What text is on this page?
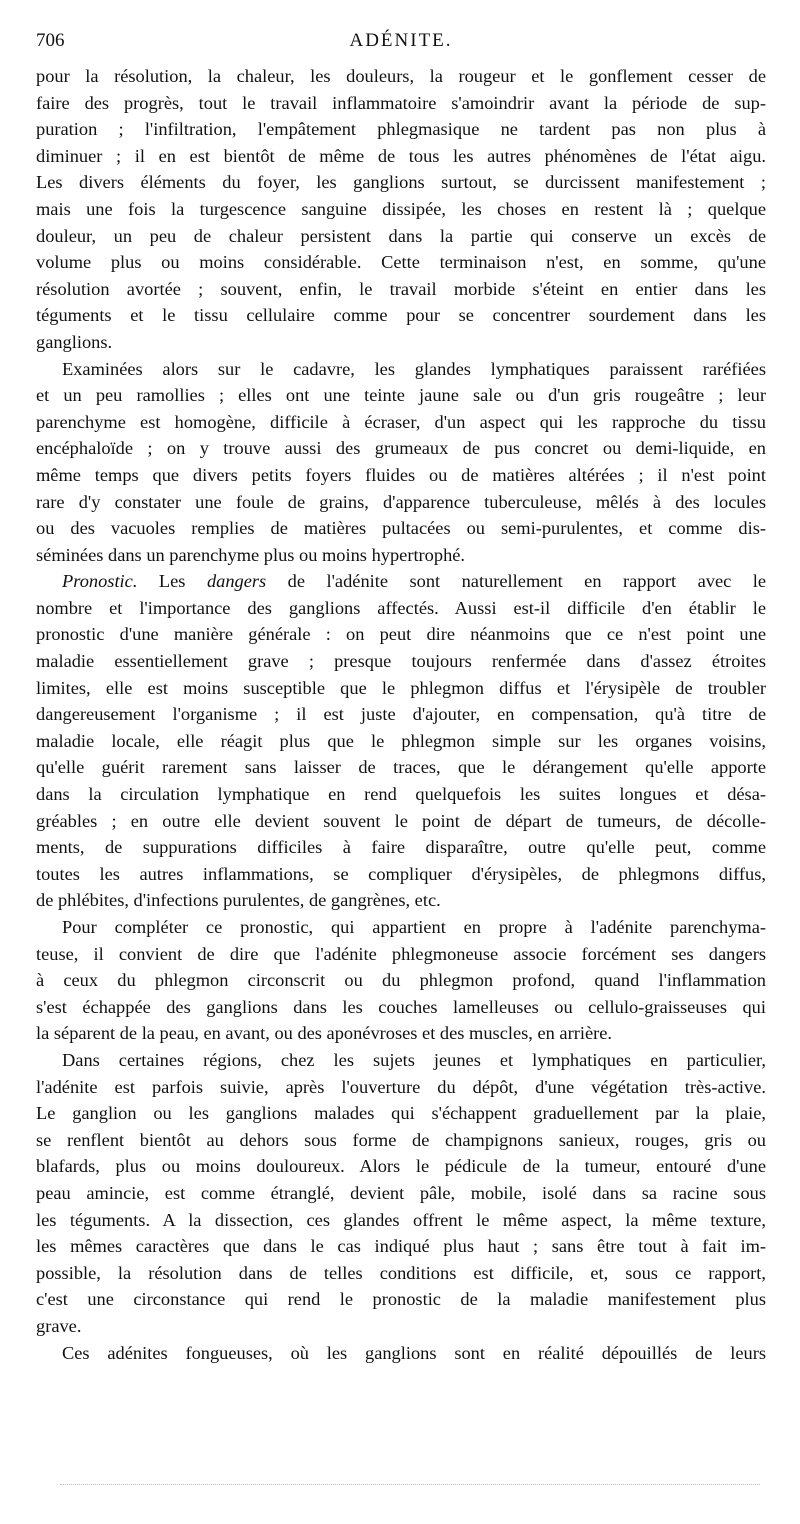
706	ADÉNITE.
pour la résolution, la chaleur, les douleurs, la rougeur et le gonflement cesser de
faire des progrès, tout le travail inflammatoire s'amoindrir avant la période de sup-
puration ; l'infiltration, l'empâtement phlegmasique ne tardent pas non plus à
diminuer ; il en est bientôt de même de tous les autres phénomènes de l'état aigu.
Les divers éléments du foyer, les ganglions surtout, se durcissent manifestement ;
mais une fois la turgescence sanguine dissipée, les choses en restent là ; quelque
douleur, un peu de chaleur persistent dans la partie qui conserve un excès de
volume plus ou moins considérable. Cette terminaison n'est, en somme, qu'une
résolution avortée ; souvent, enfin, le travail morbide s'éteint en entier dans les
téguments et le tissu cellulaire comme pour se concentrer sourdement dans les
ganglions.
Examinées alors sur le cadavre, les glandes lymphatiques paraissent raréfiées
et un peu ramollies ; elles ont une teinte jaune sale ou d'un gris rougeâtre ; leur
parenchyme est homogène, difficile à écraser, d'un aspect qui les rapproche du tissu
encéphaloïde ; on y trouve aussi des grumeaux de pus concret ou demi-liquide, en
même temps que divers petits foyers fluides ou de matières altérées ; il n'est point
rare d'y constater une foule de grains, d'apparence tuberculeuse, mêlés à des locules
ou des vacuoles remplies de matières pultacées ou semi-purulentes, et comme dis-
séminées dans un parenchyme plus ou moins hypertrophé.
Pronostic. Les dangers de l'adénite sont naturellement en rapport avec le
nombre et l'importance des ganglions affectés. Aussi est-il difficile d'en établir le
pronostic d'une manière générale : on peut dire néanmoins que ce n'est point une
maladie essentiellement grave ; presque toujours renfermée dans d'assez étroites
limites, elle est moins susceptible que le phlegmon diffus et l'érysipèle de troubler
dangereusement l'organisme ; il est juste d'ajouter, en compensation, qu'à titre de
maladie locale, elle réagit plus que le phlegmon simple sur les organes voisins,
qu'elle guérit rarement sans laisser de traces, que le dérangement qu'elle apporte
dans la circulation lymphatique en rend quelquefois les suites longues et désa-
gréables ; en outre elle devient souvent le point de départ de tumeurs, de décolle-
ments, de suppurations difficiles à faire disparaître, outre qu'elle peut, comme
toutes les autres inflammations, se compliquer d'érysipèles, de phlegmons diffus,
de phlébites, d'infections purulentes, de gangrènes, etc.
Pour compléter ce pronostic, qui appartient en propre à l'adénite parenchyma-
teuse, il convient de dire que l'adénite phlegmoneuse associe forcément ses dangers
à ceux du phlegmon circonscrit ou du phlegmon profond, quand l'inflammation
s'est échappée des ganglions dans les couches lamelleuses ou cellulo-graisseuses qui
la séparent de la peau, en avant, ou des aponévroses et des muscles, en arrière.
Dans certaines régions, chez les sujets jeunes et lymphatiques en particulier,
l'adénite est parfois suivie, après l'ouverture du dépôt, d'une végétation très-active.
Le ganglion ou les ganglions malades qui s'échappent graduellement par la plaie,
se renflent bientôt au dehors sous forme de champignons sanieux, rouges, gris ou
blafards, plus ou moins douloureux. Alors le pédicule de la tumeur, entouré d'une
peau amincie, est comme étranglé, devient pâle, mobile, isolé dans sa racine sous
les téguments. A la dissection, ces glandes offrent le même aspect, la même texture,
les mêmes caractères que dans le cas indiqué plus haut ; sans être tout à fait im-
possible, la résolution dans de telles conditions est difficile, et, sous ce rapport,
c'est une circonstance qui rend le pronostic de la maladie manifestement plus
grave.
Ces adénites fongueuses, où les ganglions sont en réalité dépouillés de leurs
